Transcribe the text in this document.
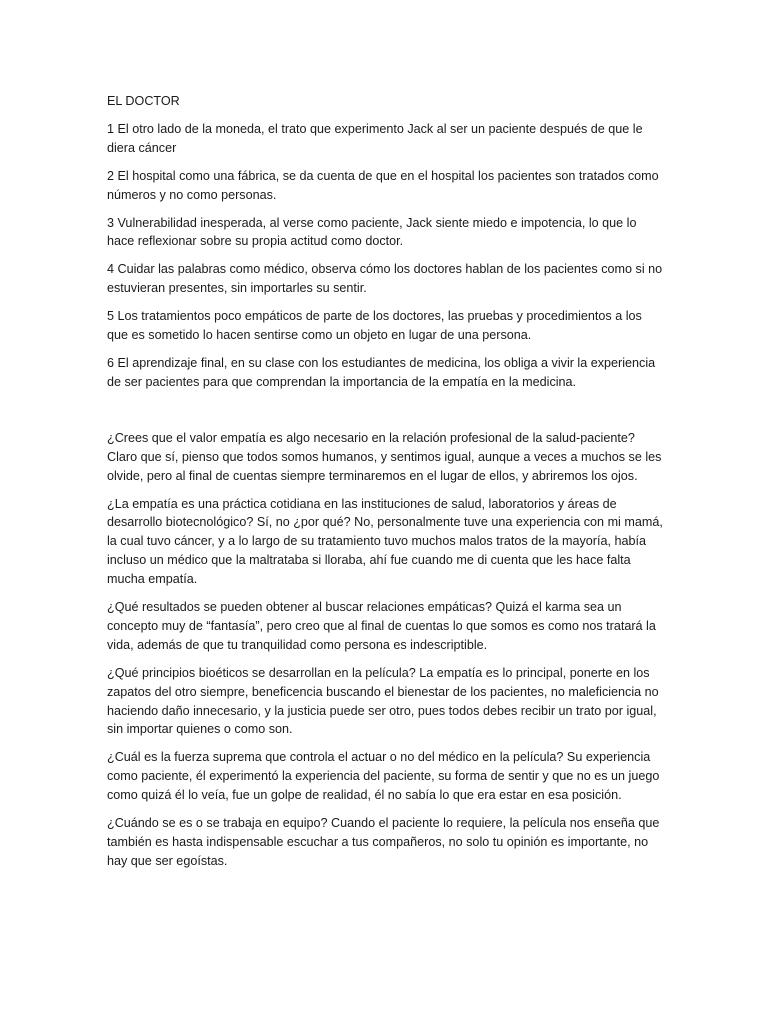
EL DOCTOR

1 El otro lado de la moneda, el trato que experimento Jack al ser un paciente después de que le diera cáncer

2 El hospital como una fábrica, se da cuenta de que en el hospital los pacientes son tratados como números y no como personas.

3 Vulnerabilidad inesperada, al verse como paciente, Jack siente miedo e impotencia, lo que lo hace reflexionar sobre su propia actitud como doctor.

4 Cuidar las palabras como médico, observa cómo los doctores hablan de los pacientes como si no estuvieran presentes, sin importarles su sentir.

5 Los tratamientos poco empáticos de parte de los doctores, las pruebas y procedimientos a los que es sometido lo hacen sentirse como un objeto en lugar de una persona.

6 El aprendizaje final, en su clase con los estudiantes de medicina, los obliga a vivir la experiencia de ser pacientes para que comprendan la importancia de la empatía en la medicina.

¿Crees que el valor empatía es algo necesario en la relación profesional de la salud-paciente? Claro que sí, pienso que todos somos humanos, y sentimos igual, aunque a veces a muchos se les olvide, pero al final de cuentas siempre terminaremos en el lugar de ellos, y abriremos los ojos.

¿La empatía es una práctica cotidiana en las instituciones de salud, laboratorios y áreas de desarrollo biotecnológico? Sí, no ¿por qué? No, personalmente tuve una experiencia con mi mamá, la cual tuvo cáncer, y a lo largo de su tratamiento tuvo muchos malos tratos de la mayoría, había incluso un médico que la maltrataba si lloraba, ahí fue cuando me di cuenta que les hace falta mucha empatía.

¿Qué resultados se pueden obtener al buscar relaciones empáticas? Quizá el karma sea un concepto muy de “fantasía”, pero creo que al final de cuentas lo que somos es como nos tratará la vida, además de que tu tranquilidad como persona es indescriptible.

¿Qué principios bioéticos se desarrollan en la película? La empatía es lo principal, ponerte en los zapatos del otro siempre, beneficencia buscando el bienestar de los pacientes, no maleficiencia no haciendo daño innecesario, y la justicia puede ser otro, pues todos debes recibir un trato por igual, sin importar quienes o como son.

¿Cuál es la fuerza suprema que controla el actuar o no del médico en la película? Su experiencia como paciente, él experimentó la experiencia del paciente, su forma de sentir y que no es un juego como quizá él lo veía, fue un golpe de realidad, él no sabía lo que era estar en esa posición.

¿Cuándo se es o se trabaja en equipo? Cuando el paciente lo requiere, la película nos enseña que también es hasta indispensable escuchar a tus compañeros, no solo tu opinión es importante, no hay que ser egoístas.
